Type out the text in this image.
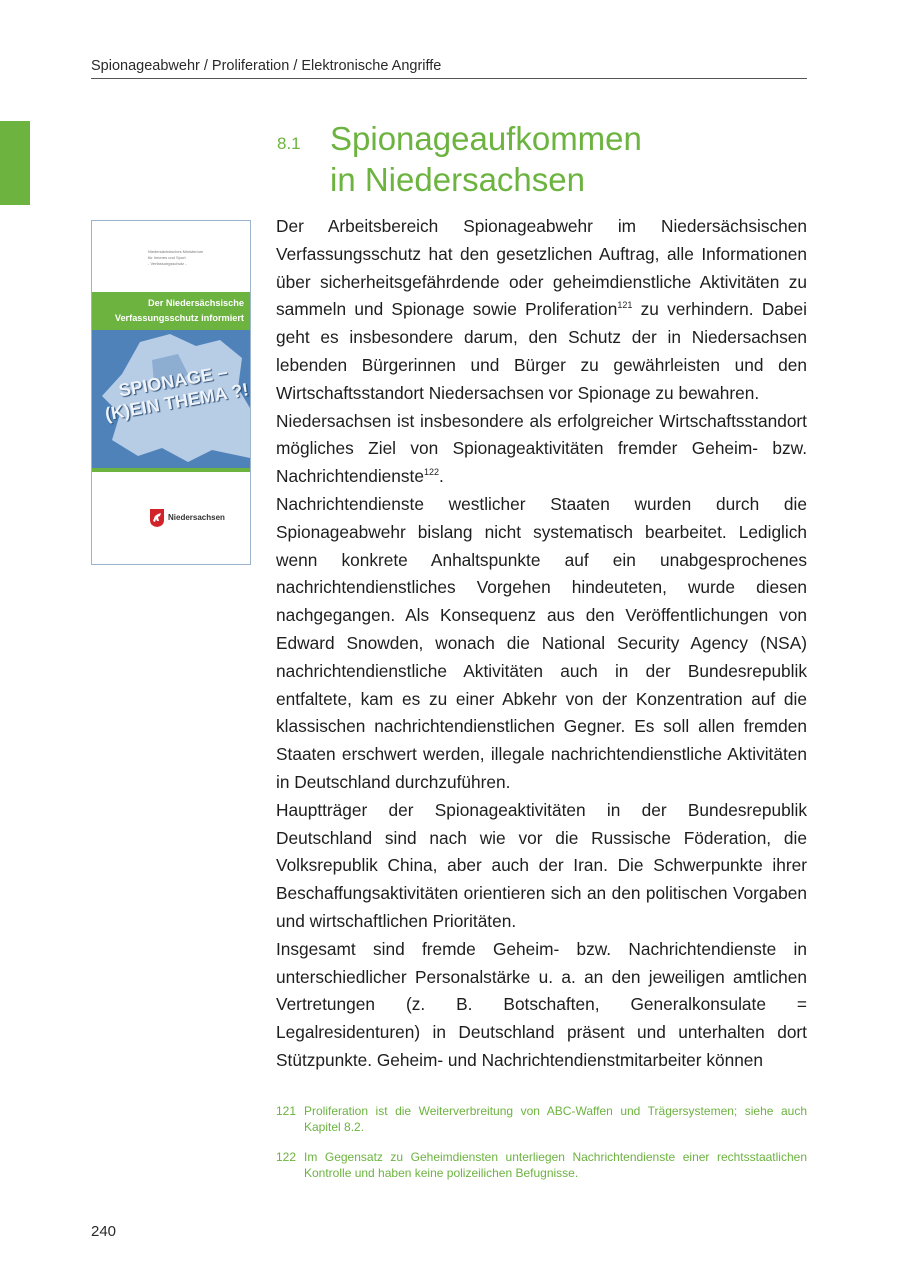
Spionageabwehr / Proliferation / Elektronische Angriffe
8.1 Spionageaufkommen
in Niedersachsen
Niedersächsisches Ministerium
für Inneres und Sport
- Verfassungsschutz -
Der Niedersächsische
Verfassungsschutz informiert
SPIONAGE –
(K)EIN THEMA ?!
Niedersachsen

Der Arbeitsbereich Spionageabwehr im Niedersächsischen Verfassungsschutz hat den gesetzlichen Auftrag, alle Informationen über sicherheitsgefährdende oder geheimdienstliche Aktivitäten zu sammeln und Spionage sowie Proliferation$^{121}$ zu verhindern. Dabei geht es insbesondere darum, den Schutz der in Niedersachsen lebenden Bürgerinnen und Bürger zu gewährleisten und den Wirtschaftsstandort Niedersachsen vor Spionage zu bewahren.

Niedersachsen ist insbesondere als erfolgreicher Wirtschaftsstandort mögliches Ziel von Spionageaktivitäten fremder Geheim- bzw. Nachrichtendienste$^{122}$.

Nachrichtendienste westlicher Staaten wurden durch die Spionageabwehr bislang nicht systematisch bearbeitet. Lediglich wenn konkrete Anhaltspunkte auf ein unabgesprochenes nachrichtendienstliches Vorgehen hindeuteten, wurde diesen nachgegangen. Als Konsequenz aus den Veröffentlichungen von Edward Snowden, wonach die National Security Agency (NSA) nachrichtendienstliche Aktivitäten auch in der Bundesrepublik entfaltete, kam es zu einer Abkehr von der Konzentration auf die klassischen nachrichtendienstlichen Gegner. Es soll allen fremden Staaten erschwert werden, illegale nachrichtendienstliche Aktivitäten in Deutschland durchzuführen.

Hauptträger der Spionageaktivitäten in der Bundesrepublik Deutschland sind nach wie vor die Russische Föderation, die Volksrepublik China, aber auch der Iran. Die Schwerpunkte ihrer Beschaffungsaktivitäten orientieren sich an den politischen Vorgaben und wirtschaftlichen Prioritäten.

Insgesamt sind fremde Geheim- bzw. Nachrichtendienste in unterschiedlicher Personalstärke u. a. an den jeweiligen amtlichen Vertretungen (z. B. Botschaften, Generalkonsulate = Legalresidenturen) in Deutschland präsent und unterhalten dort Stützpunkte. Geheim- und Nachrichtendienstmitarbeiter können

121 Proliferation ist die Weiterverbreitung von ABC-Waffen und Trägersystemen; siehe auch Kapitel 8.2.
122 Im Gegensatz zu Geheimdiensten unterliegen Nachrichtendienste einer rechtsstaatlichen Kontrolle und haben keine polizeilichen Befugnisse.
240
